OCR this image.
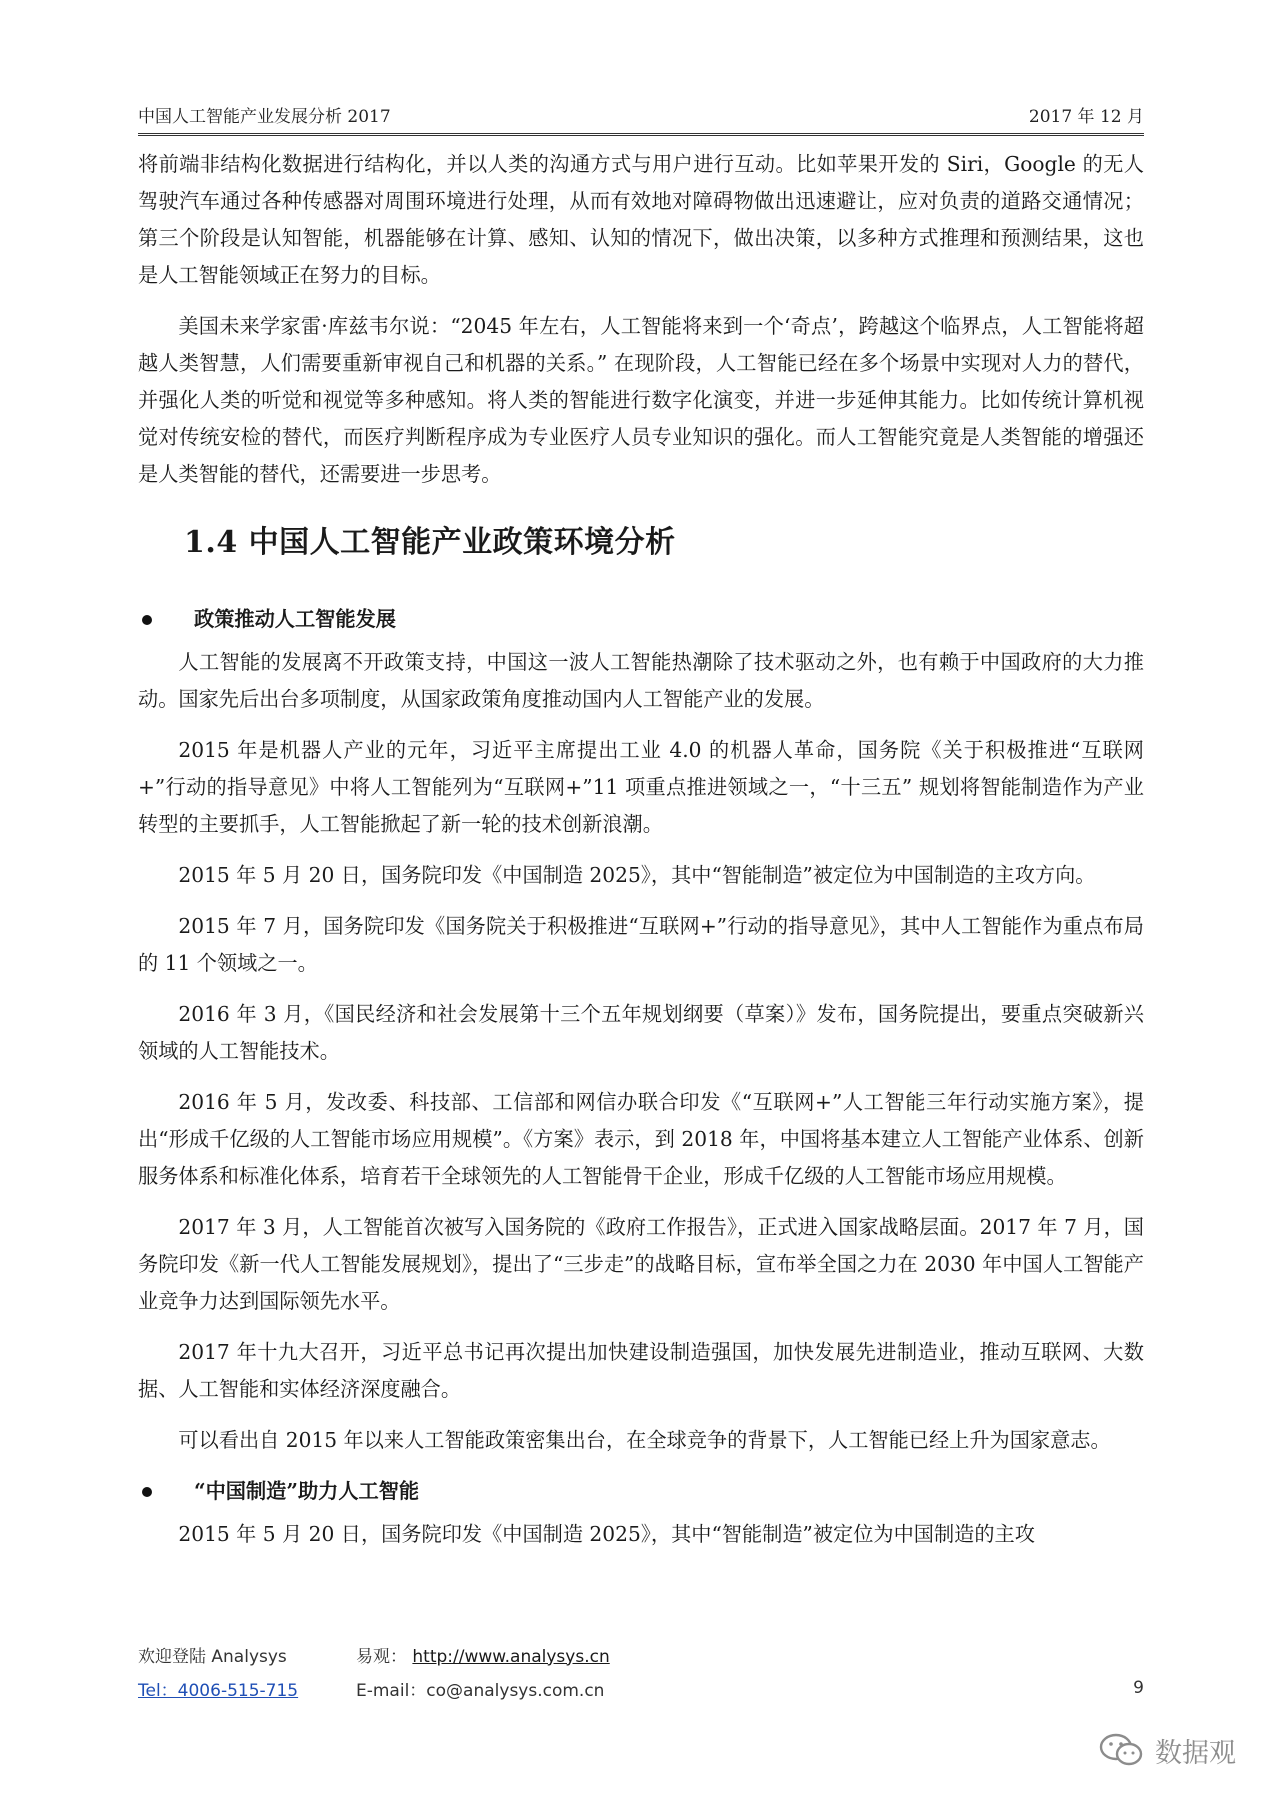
中国人工智能产业发展分析 2017	2017 年 12 月

将前端非结构化数据进行结构化，并以人类的沟通方式与用户进行互动。比如苹果开发的 Siri，Google 的无人驾驶汽车通过各种传感器对周围环境进行处理，从而有效地对障碍物做出迅速避让，应对负责的道路交通情况；第三个阶段是认知智能，机器能够在计算、感知、认知的情况下，做出决策，以多种方式推理和预测结果，这也是人工智能领域正在努力的目标。

美国未来学家雷·库兹韦尔说：“2045 年左右，人工智能将来到一个‘奇点’，跨越这个临界点，人工智能将超越人类智慧，人们需要重新审视自己和机器的关系。” 在现阶段，人工智能已经在多个场景中实现对人力的替代，并强化人类的听觉和视觉等多种感知。将人类的智能进行数字化演变，并进一步延伸其能力。比如传统计算机视觉对传统安检的替代，而医疗判断程序成为专业医疗人员专业知识的强化。而人工智能究竟是人类智能的增强还是人类智能的替代，还需要进一步思考。

1.4 中国人工智能产业政策环境分析
政策推动人工智能发展

人工智能的发展离不开政策支持，中国这一波人工智能热潮除了技术驱动之外，也有赖于中国政府的大力推动。国家先后出台多项制度，从国家政策角度推动国内人工智能产业的发展。

2015 年是机器人产业的元年，习近平主席提出工业 4.0 的机器人革命，国务院《关于积极推进“互联网+”行动的指导意见》中将人工智能列为“互联网+”11 项重点推进领域之一，“十三五” 规划将智能制造作为产业转型的主要抓手，人工智能掀起了新一轮的技术创新浪潮。

2015 年 5 月 20 日，国务院印发《中国制造 2025》，其中“智能制造”被定位为中国制造的主攻方向。

2015 年 7 月，国务院印发《国务院关于积极推进“互联网+”行动的指导意见》，其中人工智能作为重点布局的 11 个领域之一。

2016 年 3 月，《国民经济和社会发展第十三个五年规划纲要（草案）》发布，国务院提出，要重点突破新兴领域的人工智能技术。

2016 年 5 月，发改委、科技部、工信部和网信办联合印发《“互联网+”人工智能三年行动实施方案》，提出“形成千亿级的人工智能市场应用规模”。《方案》表示，到 2018 年，中国将基本建立人工智能产业体系、创新服务体系和标准化体系，培育若干全球领先的人工智能骨干企业，形成千亿级的人工智能市场应用规模。

2017 年 3 月，人工智能首次被写入国务院的《政府工作报告》，正式进入国家战略层面。2017 年 7 月，国务院印发《新一代人工智能发展规划》，提出了“三步走”的战略目标，宣布举全国之力在 2030 年中国人工智能产业竞争力达到国际领先水平。

2017 年十九大召开，习近平总书记再次提出加快建设制造强国，加快发展先进制造业，推动互联网、大数据、人工智能和实体经济深度融合。

可以看出自 2015 年以来人工智能政策密集出台，在全球竞争的背景下，人工智能已经上升为国家意志。

“中国制造”助力人工智能

2015 年 5 月 20 日，国务院印发《中国制造 2025》，其中“智能制造”被定位为中国制造的主攻

欢迎登陆 Analysys	易观： http://www.analysys.cn
Tel：4006-515-715	E-mail：co@analysys.com.cn	9
数据观
